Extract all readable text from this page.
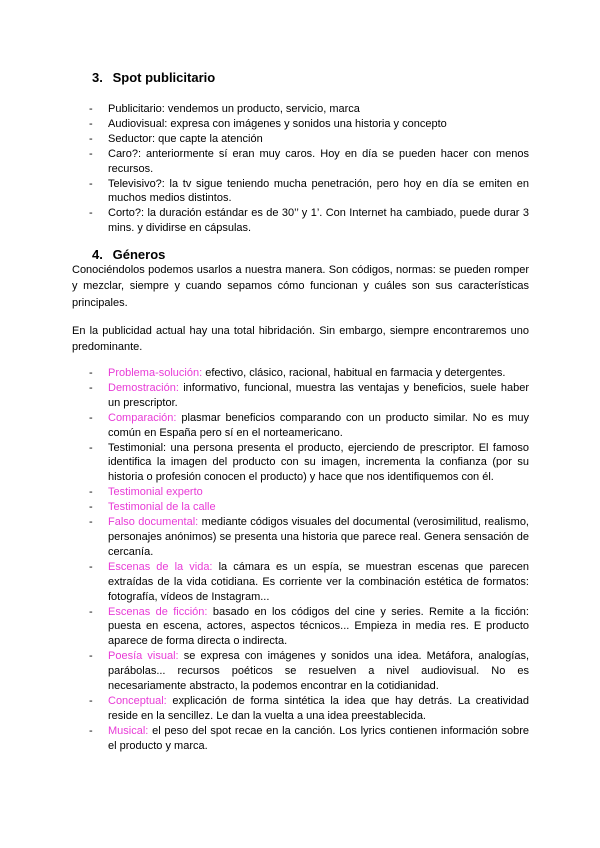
3. Spot publicitario
- Publicitario: vendemos un producto, servicio, marca
- Audiovisual: expresa con imágenes y sonidos una historia y concepto
- Seductor: que capte la atención
- Caro?: anteriormente sí eran muy caros. Hoy en día se pueden hacer con menos recursos.
- Televisivo?: la tv sigue teniendo mucha penetración, pero hoy en día se emiten en muchos medios distintos.
- Corto?: la duración estándar es de 30’’ y 1’. Con Internet ha cambiado, puede durar 3 mins. y dividirse en cápsulas.
4. Géneros

Conociéndolos podemos usarlos a nuestra manera. Son códigos, normas: se pueden romper y mezclar, siempre y cuando sepamos cómo funcionan y cuáles son sus características principales.

En la publicidad actual hay una total hibridación. Sin embargo, siempre encontraremos uno predominante.

- Problema-solución: efectivo, clásico, racional, habitual en farmacia y detergentes.
- Demostración: informativo, funcional, muestra las ventajas y beneficios, suele haber un prescriptor.
- Comparación: plasmar beneficios comparando con un producto similar. No es muy común en España pero sí en el norteamericano.
- Testimonial: una persona presenta el producto, ejerciendo de prescriptor. El famoso identifica la imagen del producto con su imagen, incrementa la confianza (por su historia o profesión conocen el producto) y hace que nos identifiquemos con él.
- Testimonial experto
- Testimonial de la calle
- Falso documental: mediante códigos visuales del documental (verosimilitud, realismo, personajes anónimos) se presenta una historia que parece real. Genera sensación de cercanía.
- Escenas de la vida: la cámara es un espía, se muestran escenas que parecen extraídas de la vida cotidiana. Es corriente ver la combinación estética de formatos: fotografía, vídeos de Instagram...
- Escenas de ficción: basado en los códigos del cine y series. Remite a la ficción: puesta en escena, actores, aspectos técnicos... Empieza in media res. E producto aparece de forma directa o indirecta.
- Poesía visual: se expresa con imágenes y sonidos una idea. Metáfora, analogías, parábolas... recursos poéticos se resuelven a nivel audiovisual. No es necesariamente abstracto, la podemos encontrar en la cotidianidad.
- Conceptual: explicación de forma sintética la idea que hay detrás. La creatividad reside en la sencillez. Le dan la vuelta a una idea preestablecida.
- Musical: el peso del spot recae en la canción. Los lyrics contienen información sobre el producto y marca.
